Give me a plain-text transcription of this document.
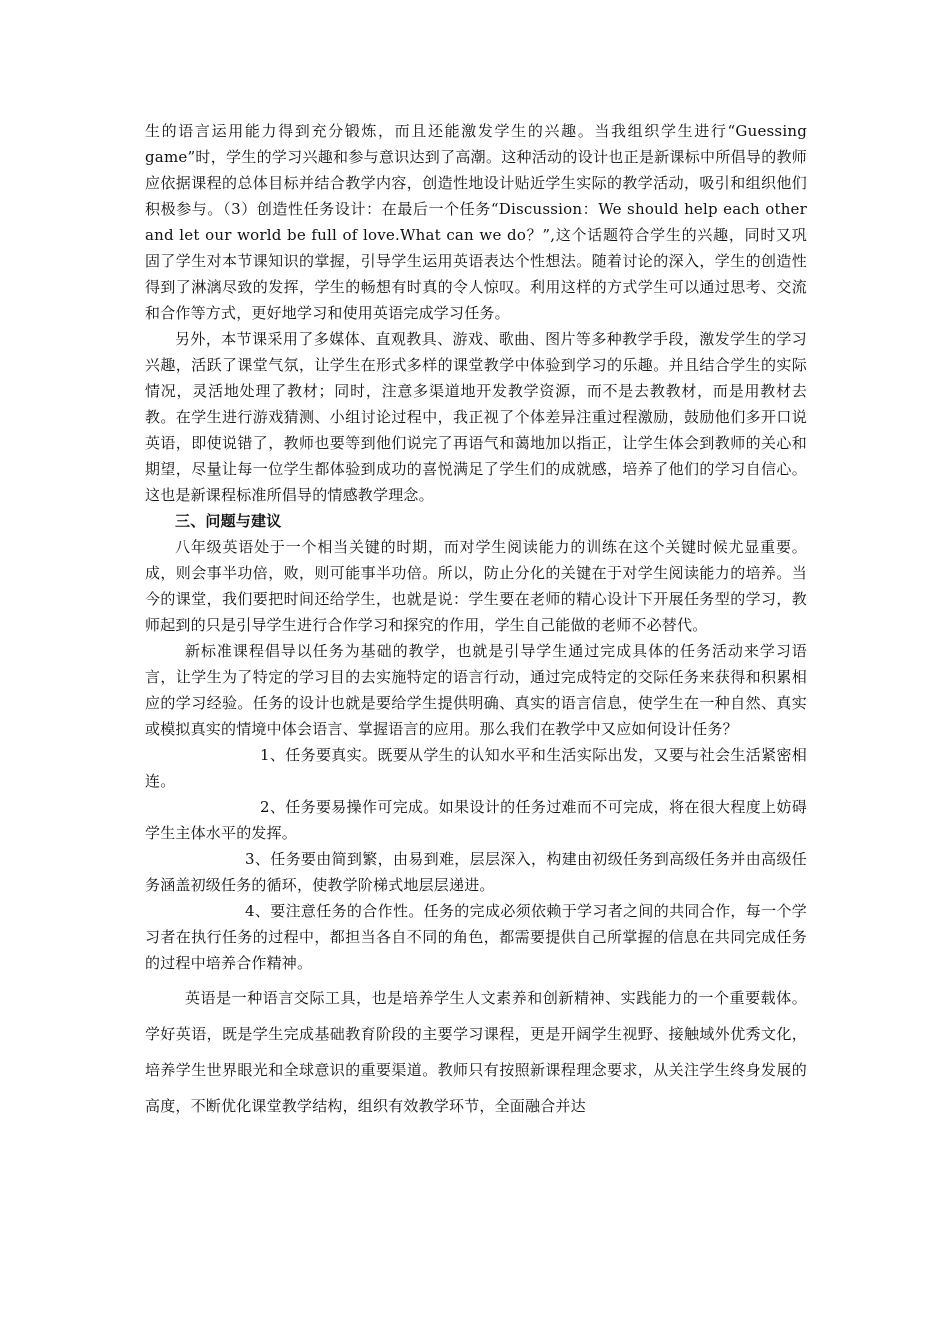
生的语言运用能力得到充分锻炼，而且还能激发学生的兴趣。当我组织学生进行“Guessing game”时，学生的学习兴趣和参与意识达到了高潮。这种活动的设计也正是新课标中所倡导的教师应依据课程的总体目标并结合教学内容，创造性地设计贴近学生实际的教学活动，吸引和组织他们积极参与。（3）创造性任务设计：在最后一个任务“Discussion：We should help each other and let our world be full of love.What can we do？”,这个话题符合学生的兴趣，同时又巩固了学生对本节课知识的掌握，引导学生运用英语表达个性想法。随着讨论的深入，学生的创造性得到了淋漓尽致的发挥，学生的畅想有时真的令人惊叹。利用这样的方式学生可以通过思考、交流和合作等方式，更好地学习和使用英语完成学习任务。

另外，本节课采用了多媒体、直观教具、游戏、歌曲、图片等多种教学手段，激发学生的学习兴趣，活跃了课堂气氛，让学生在形式多样的课堂教学中体验到学习的乐趣。并且结合学生的实际情况，灵活地处理了教材；同时，注意多渠道地开发教学资源，而不是去教教材，而是用教材去教。在学生进行游戏猜测、小组讨论过程中，我正视了个体差异注重过程激励，鼓励他们多开口说英语，即使说错了，教师也要等到他们说完了再语气和蔼地加以指正，让学生体会到教师的关心和期望，尽量让每一位学生都体验到成功的喜悦满足了学生们的成就感，培养了他们的学习自信心。这也是新课程标准所倡导的情感教学理念。

三、问题与建议

八年级英语处于一个相当关键的时期，而对学生阅读能力的训练在这个关键时候尤显重要。成，则会事半功倍，败，则可能事半功倍。所以，防止分化的关键在于对学生阅读能力的培养。当今的课堂，我们要把时间还给学生，也就是说：学生要在老师的精心设计下开展任务型的学习，教师起到的只是引导学生进行合作学习和探究的作用，学生自己能做的老师不必替代。

新标准课程倡导以任务为基础的教学，也就是引导学生通过完成具体的任务活动来学习语言，让学生为了特定的学习目的去实施特定的语言行动，通过完成特定的交际任务来获得和积累相应的学习经验。任务的设计也就是要给学生提供明确、真实的语言信息，使学生在一种自然、真实或模拟真实的情境中体会语言、掌握语言的应用。那么我们在教学中又应如何设计任务？

1、任务要真实。既要从学生的认知水平和生活实际出发，又要与社会生活紧密相连。

2、任务要易操作可完成。如果设计的任务过难而不可完成，将在很大程度上妨碍学生主体水平的发挥。

3、任务要由简到繁，由易到难，层层深入，构建由初级任务到高级任务并由高级任务涵盖初级任务的循环，使教学阶梯式地层层递进。

4、要注意任务的合作性。任务的完成必须依赖于学习者之间的共同合作，每一个学习者在执行任务的过程中，都担当各自不同的角色，都需要提供自己所掌握的信息在共同完成任务的过程中培养合作精神。

英语是一种语言交际工具，也是培养学生人文素养和创新精神、实践能力的一个重要载体。学好英语，既是学生完成基础教育阶段的主要学习课程，更是开阔学生视野、接触域外优秀文化，培养学生世界眼光和全球意识的重要渠道。教师只有按照新课程理念要求，从关注学生终身发展的高度，不断优化课堂教学结构，组织有效教学环节，全面融合并达
